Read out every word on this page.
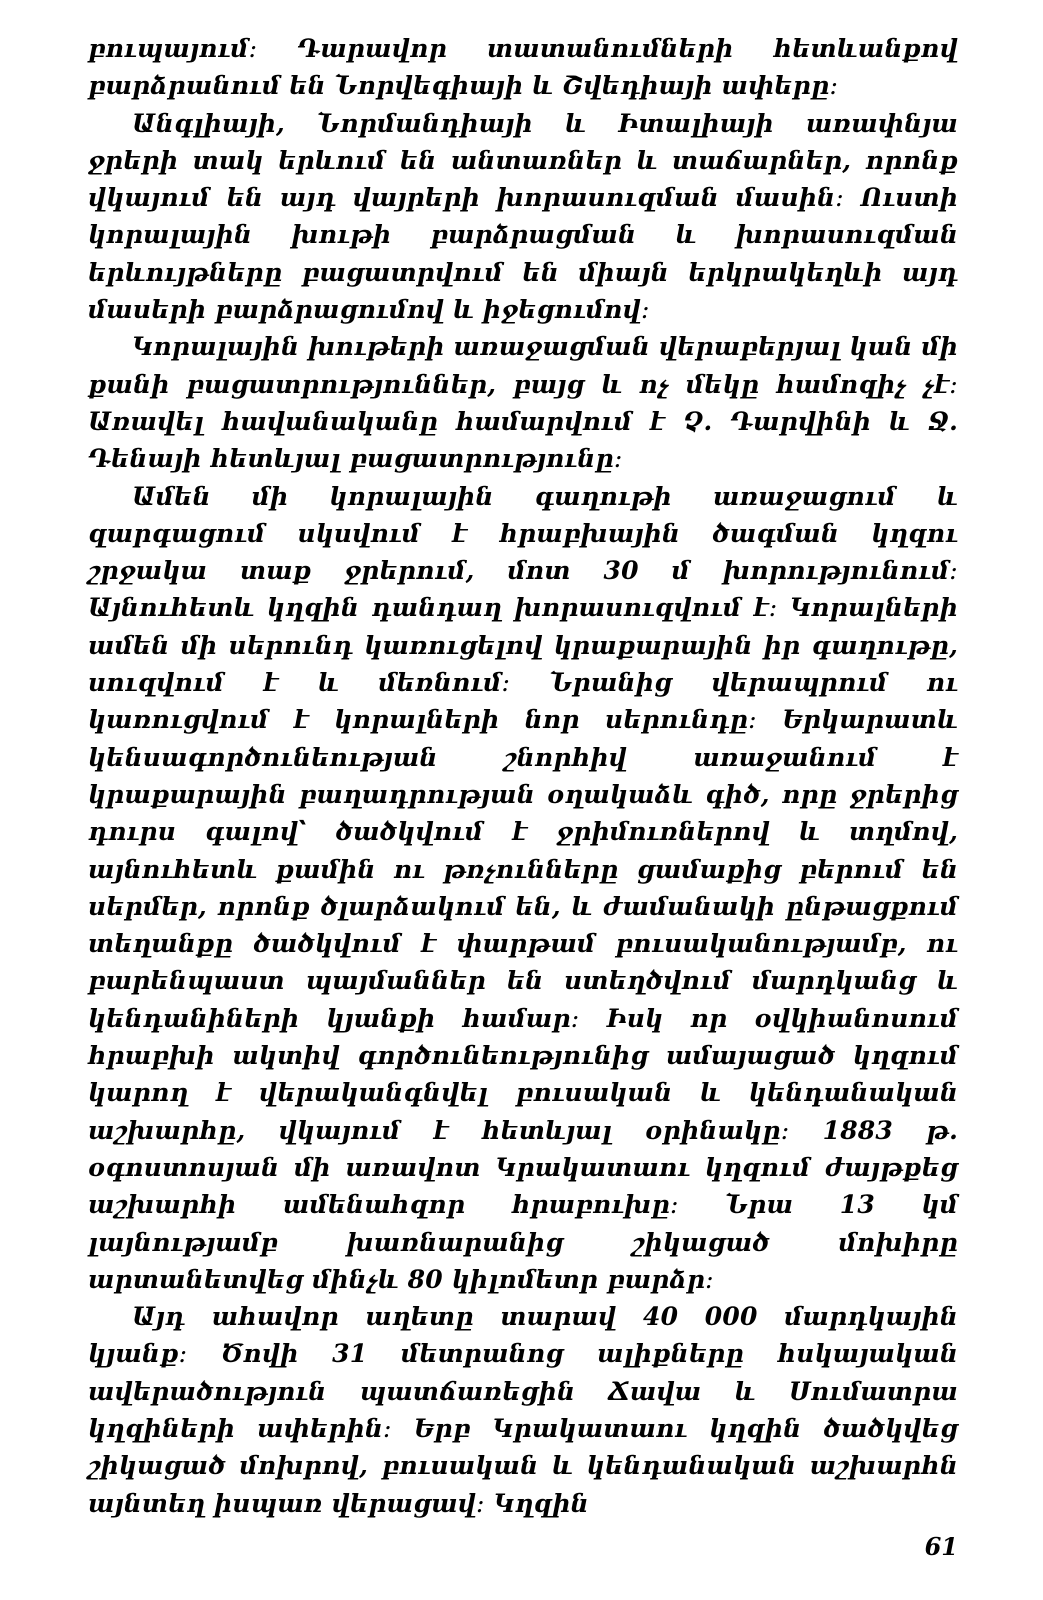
բուպայում։ Դարավոր տատանումների հետևանքով բարձրանում են Նորվեգիայի և Շվեդիայի ափերը։

Անգլիայի, Նորմանդիայի և Իտալիայի առափնյա ջրերի տակ երևում են անտառներ և տաճարներ, որոնք վկայում են այդ վայրերի խորասուզման մասին։ Ուստի կորալային խութի բարձրացման և խորասուզման երևույթները բացատրվում են միայն երկրակեղևի այդ մասերի բարձրացումով և իջեցումով։

Կորալային խութերի առաջացման վերաբերյալ կան մի քանի բացատրություններ, բայց և ոչ մեկը համոզիչ չէ։ Առավել հավանականը համարվում է Չ. Դարվինի և Ջ. Դենայի հետևյալ բացատրությունը։

Ամեն մի կորալային գաղութի առաջացում և զարգացում սկսվում է հրաբխային ծագման կղզու շրջակա տաք ջրերում, մոտ 30 մ խորությունում։ Այնուհետև կղզին դանդաղ խորասուզվում է։ Կորալների ամեն մի սերունդ կառուցելով կրաքարային իր գաղութը, սուզվում է և մեռնում։ Նրանից վերապրում ու կառուցվում է կորալների նոր սերունդը։ Երկարատև կենսագործունեության շնորհիվ առաջանում է կրաքարային բաղադրության օղակաձև գիծ, որը ջրերից դուրս գալով՝ ծածկվում է ջրիմուռներով և տղմով, այնուհետև քամին ու թռչունները ցամաքից բերում են սերմեր, որոնք ծլարձակում են, և ժամանակի ընթացքում տեղանքը ծածկվում է փարթամ բուսականությամբ, ու բարենպաստ պայմաններ են ստեղծվում մարդկանց և կենդանիների կյանքի համար։ Իսկ որ օվկիանոսում հրաբխի ակտիվ գործունեությունից ամայացած կղզում կարող է վերականգնվել բուսական և կենդանական աշխարհը, վկայում է հետևյալ օրինակը։ 1883 թ. օգոստոսյան մի առավոտ Կրակատաու կղզում ժայթքեց աշխարհի ամենահզոր հրաբուխը։ Նրա 13 կմ լայնությամբ խառնարանից շիկացած մոխիրը արտանետվեց մինչև 80 կիլոմետր բարձր։

Այդ ահավոր աղետը տարավ 40 000 մարդկային կյանք։ Ծովի 31 մետրանոց ալիքները հսկայական ավերածություն պատճառեցին Ճավա և Սումատրա կղզիների ափերին։ Երբ Կրակատաու կղզին ծածկվեց շիկացած մոխրով, բուսական և կենդանական աշխարհն այնտեղ իսպառ վերացավ։ Կղզին

61
